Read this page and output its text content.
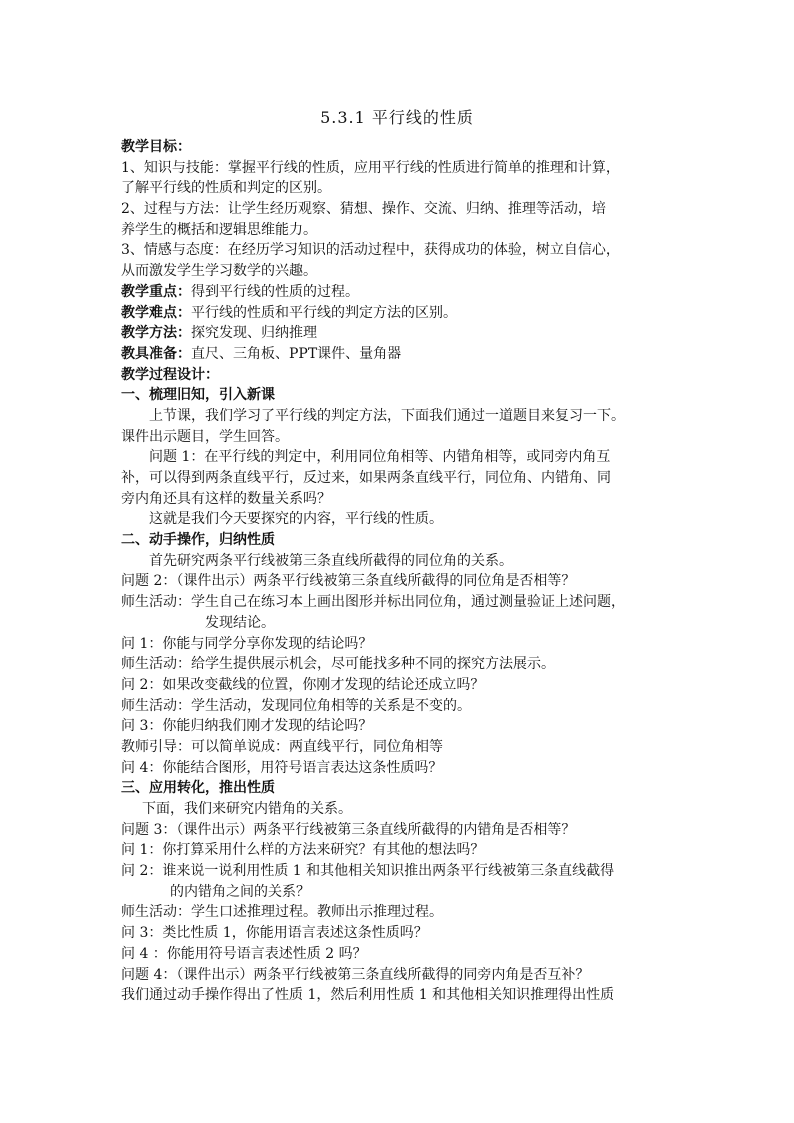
5.3.1 平行线的性质
教学目标：
1、知识与技能：掌握平行线的性质，应用平行线的性质进行简单的推理和计算，
了解平行线的性质和判定的区别。
2、过程与方法：让学生经历观察、猜想、操作、交流、归纳、推理等活动，培
养学生的概括和逻辑思维能力。
3、情感与态度：在经历学习知识的活动过程中，获得成功的体验，树立自信心，
从而激发学生学习数学的兴趣。
教学重点：得到平行线的性质的过程。
教学难点：平行线的性质和平行线的判定方法的区别。
教学方法：探究发现、归纳推理
教具准备：直尺、三角板、PPT课件、量角器
教学过程设计：
一、梳理旧知，引入新课
上节课，我们学习了平行线的判定方法，下面我们通过一道题目来复习一下。
课件出示题目，学生回答。
问题 1：在平行线的判定中，利用同位角相等、内错角相等，或同旁内角互
补，可以得到两条直线平行，反过来，如果两条直线平行，同位角、内错角、同
旁内角还具有这样的数量关系吗？
这就是我们今天要探究的内容，平行线的性质。
二、动手操作，归纳性质
首先研究两条平行线被第三条直线所截得的同位角的关系。
问题 2：（课件出示）两条平行线被第三条直线所截得的同位角是否相等？
师生活动：学生自己在练习本上画出图形并标出同位角，通过测量验证上述问题，
发现结论。
问 1：你能与同学分享你发现的结论吗？
师生活动：给学生提供展示机会，尽可能找多种不同的探究方法展示。
问 2：如果改变截线的位置，你刚才发现的结论还成立吗？
师生活动：学生活动，发现同位角相等的关系是不变的。
问 3：你能归纳我们刚才发现的结论吗？
教师引导：可以简单说成：两直线平行，同位角相等
问 4：你能结合图形，用符号语言表达这条性质吗？
三、应用转化，推出性质
下面，我们来研究内错角的关系。
问题 3：（课件出示）两条平行线被第三条直线所截得的内错角是否相等？
问 1：你打算采用什么样的方法来研究？有其他的想法吗？
问 2：谁来说一说利用性质 1 和其他相关知识推出两条平行线被第三条直线截得
的内错角之间的关系？
师生活动：学生口述推理过程。教师出示推理过程。
问 3：类比性质 1，你能用语言表述这条性质吗？
问 4 ：你能用符号语言表述性质 2 吗？
问题 4：（课件出示）两条平行线被第三条直线所截得的同旁内角是否互补？
我们通过动手操作得出了性质 1，然后利用性质 1 和其他相关知识推理得出性质
